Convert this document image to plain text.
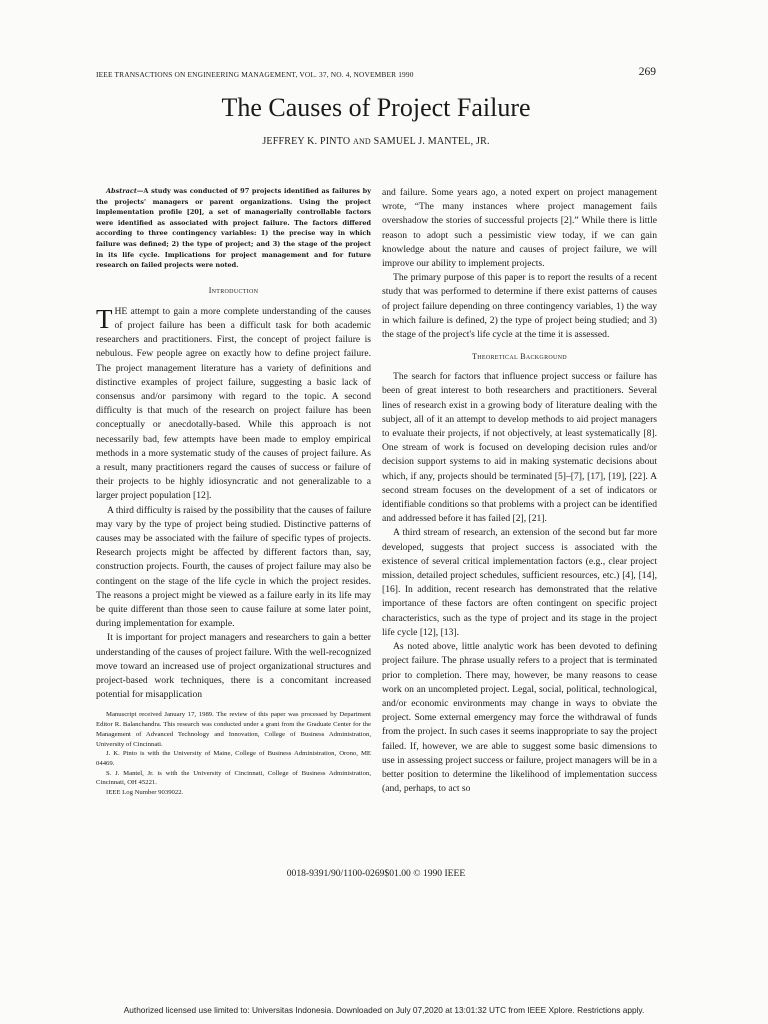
IEEE TRANSACTIONS ON ENGINEERING MANAGEMENT, VOL. 37, NO. 4, NOVEMBER 1990	269
The Causes of Project Failure
JEFFREY K. PINTO AND SAMUEL J. MANTEL, JR.

Abstract—A study was conducted of 97 projects identified as failures by the projects' managers or parent organizations. Using the project implementation profile [20], a set of managerially controllable factors were identified as associated with project failure. The factors differed according to three contingency variables: 1) the precise way in which failure was defined; 2) the type of project; and 3) the stage of the project in its life cycle. Implications for project management and for future research on failed projects were noted.

Introduction

THE attempt to gain a more complete understanding of the causes of project failure has been a difficult task for both academic researchers and practitioners. First, the concept of project failure is nebulous. Few people agree on exactly how to define project failure. The project management literature has a variety of definitions and distinctive examples of project failure, suggesting a basic lack of consensus and/or parsimony with regard to the topic. A second difficulty is that much of the research on project failure has been conceptually or anecdotally-based. While this approach is not necessarily bad, few attempts have been made to employ empirical methods in a more systematic study of the causes of project failure. As a result, many practitioners regard the causes of success or failure of their projects to be highly idiosyncratic and not generalizable to a larger project population [12].

A third difficulty is raised by the possibility that the causes of failure may vary by the type of project being studied. Distinctive patterns of causes may be associated with the failure of specific types of projects. Research projects might be affected by different factors than, say, construction projects. Fourth, the causes of project failure may also be contingent on the stage of the life cycle in which the project resides. The reasons a project might be viewed as a failure early in its life may be quite different than those seen to cause failure at some later point, during implementation for example.

It is important for project managers and researchers to gain a better understanding of the causes of project failure. With the well-recognized move toward an increased use of project organizational structures and project-based work techniques, there is a concomitant increased potential for misapplication

Manuscript received January 17, 1989. The review of this paper was processed by Department Editor R. Balanchandra. This research was conducted under a grant from the Graduate Center for the Management of Advanced Technology and Innovation, College of Business Administration, University of Cincinnati.

J. K. Pinto is with the University of Maine, College of Business Administration, Orono, ME 04469.

S. J. Mantel, Jr. is with the University of Cincinnati, College of Business Administration, Cincinnati, OH 45221.

IEEE Log Number 9039022.

and failure. Some years ago, a noted expert on project management wrote, “The many instances where project management fails overshadow the stories of successful projects [2].” While there is little reason to adopt such a pessimistic view today, if we can gain knowledge about the nature and causes of project failure, we will improve our ability to implement projects.

The primary purpose of this paper is to report the results of a recent study that was performed to determine if there exist patterns of causes of project failure depending on three contingency variables, 1) the way in which failure is defined, 2) the type of project being studied; and 3) the stage of the project's life cycle at the time it is assessed.

Theoretical Background

The search for factors that influence project success or failure has been of great interest to both researchers and practitioners. Several lines of research exist in a growing body of literature dealing with the subject, all of it an attempt to develop methods to aid project managers to evaluate their projects, if not objectively, at least systematically [8]. One stream of work is focused on developing decision rules and/or decision support systems to aid in making systematic decisions about which, if any, projects should be terminated [5]–[7], [17], [19], [22]. A second stream focuses on the development of a set of indicators or identifiable conditions so that problems with a project can be identified and addressed before it has failed [2], [21].

A third stream of research, an extension of the second but far more developed, suggests that project success is associated with the existence of several critical implementation factors (e.g., clear project mission, detailed project schedules, sufficient resources, etc.) [4], [14], [16]. In addition, recent research has demonstrated that the relative importance of these factors are often contingent on specific project characteristics, such as the type of project and its stage in the project life cycle [12], [13].

As noted above, little analytic work has been devoted to defining project failure. The phrase usually refers to a project that is terminated prior to completion. There may, however, be many reasons to cease work on an uncompleted project. Legal, social, political, technological, and/or economic environments may change in ways to obviate the project. Some external emergency may force the withdrawal of funds from the project. In such cases it seems inappropriate to say the project failed. If, however, we are able to suggest some basic dimensions to use in assessing project success or failure, project managers will be in a better position to determine the likelihood of implementation success (and, perhaps, to act so

0018-9391/90/1100-0269$01.00 © 1990 IEEE
Authorized licensed use limited to: Universitas Indonesia. Downloaded on July 07,2020 at 13:01:32 UTC from IEEE Xplore. Restrictions apply.
